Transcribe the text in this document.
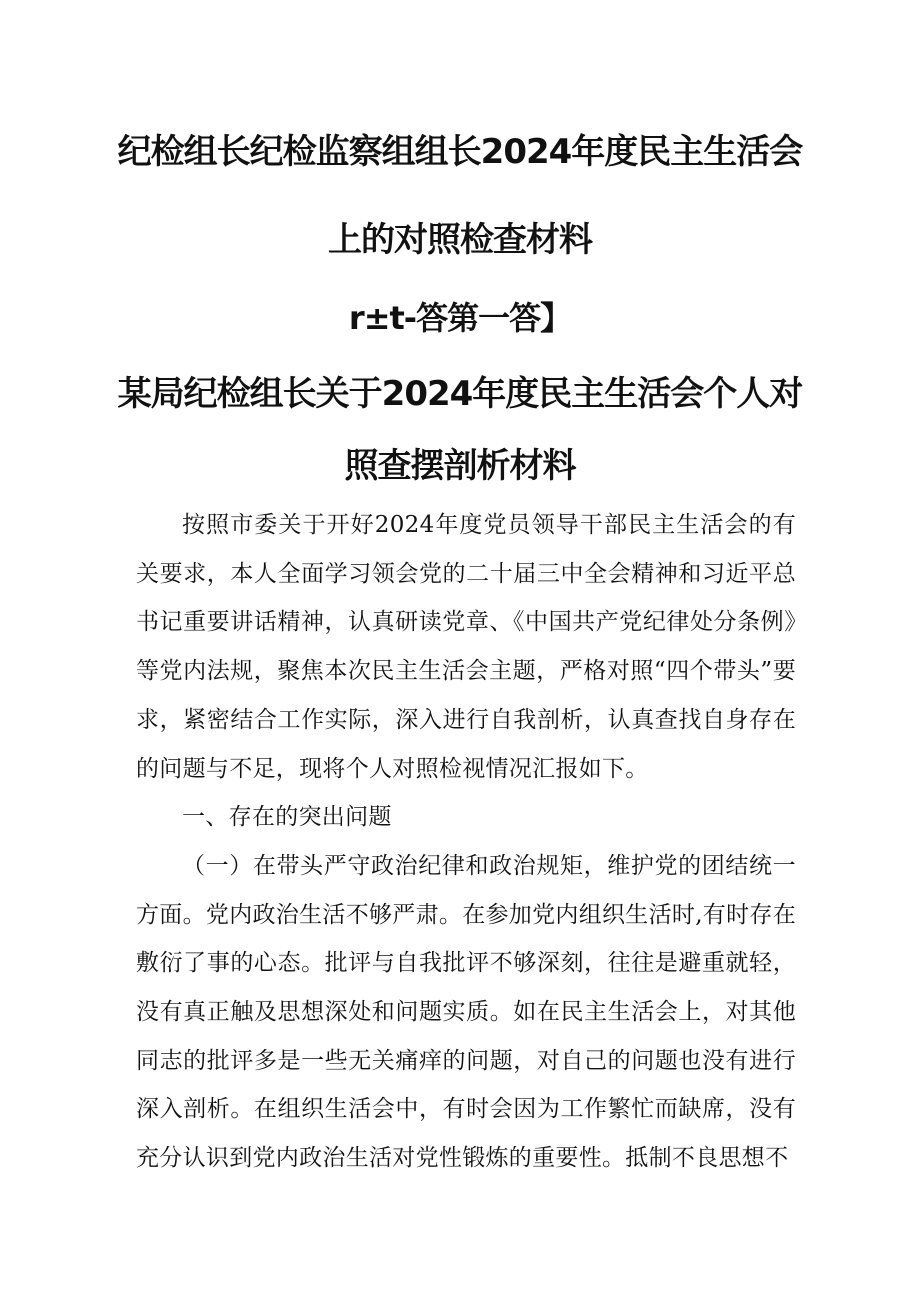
纪检组长纪检监察组组长2024年度民主生活会
上的对照检查材料
r±t-答第一答】
某局纪检组长关于2024年度民主生活会个人对
照查摆剖析材料

按照市委关于开好2024年度党员领导干部民主生活会的有关要求，本人全面学习领会党的二十届三中全会精神和习近平总书记重要讲话精神，认真研读党章、《中国共产党纪律处分条例》等党内法规，聚焦本次民主生活会主题，严格对照“四个带头”要求，紧密结合工作实际，深入进行自我剖析，认真查找自身存在的问题与不足，现将个人对照检视情况汇报如下。

一、存在的突出问题

（一）在带头严守政治纪律和政治规矩，维护党的团结统一方面。党内政治生活不够严肃。在参加党内组织生活时,有时存在敷衍了事的心态。批评与自我批评不够深刻，往往是避重就轻，没有真正触及思想深处和问题实质。如在民主生活会上，对其他同志的批评多是一些无关痛痒的问题，对自己的问题也没有进行深入剖析。在组织生活会中，有时会因为工作繁忙而缺席，没有充分认识到党内政治生活对党性锻炼的重要性。抵制不良思想不
